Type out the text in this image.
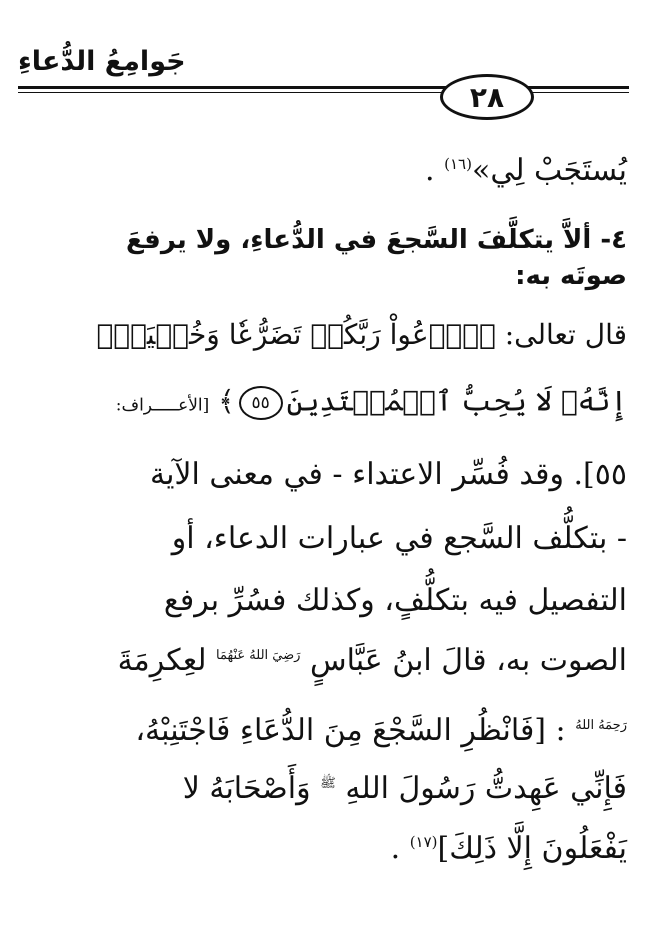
جَوامِعُ الدُّعاءِ
٢٨
يُستَجَبْ لِي»$^{(١٦)}$ .
٤- ألاَّ يتكلَّفَ السَّجعَ في الدُّعاءِ، ولا يرفعَ
صوتَه به:
قال تعالى: ﴿ٱدۡعُواْ رَبَّكُمۡ تَضَرُّعٗا وَخُفۡيَةًۚ
إِنَّهُۥ لَا يُحِبُّ ٱلۡمُعۡتَدِينَ٥٥﴾ [الأعـــــراف:
٥٥]. وقد فُسِّر الاعتداء - في معنى الآية
- بتكلُّف السَّجع في عبارات الدعاء، أو
التفصيل فيه بتكلُّفٍ، وكذلك فسُرِّ برفع
الصوت به، قالَ ابنُ عَبَّاسٍ $^{رَضِيَ اللهُ عَنْهُمَا}$ لعِكرِمَةَ
$^{رَحِمَهُ اللهُ}$ : [فَانْظُرِ السَّجْعَ مِنَ الدُّعَاءِ فَاجْتَنِبْهُ،
فَإِنِّي عَهِدتُّ رَسُولَ اللهِ $^ﷺ$ وَأَصْحَابَهُ لا
يَفْعَلُونَ إِلَّا ذَلِكَ]$^{(١٧)}$ .
